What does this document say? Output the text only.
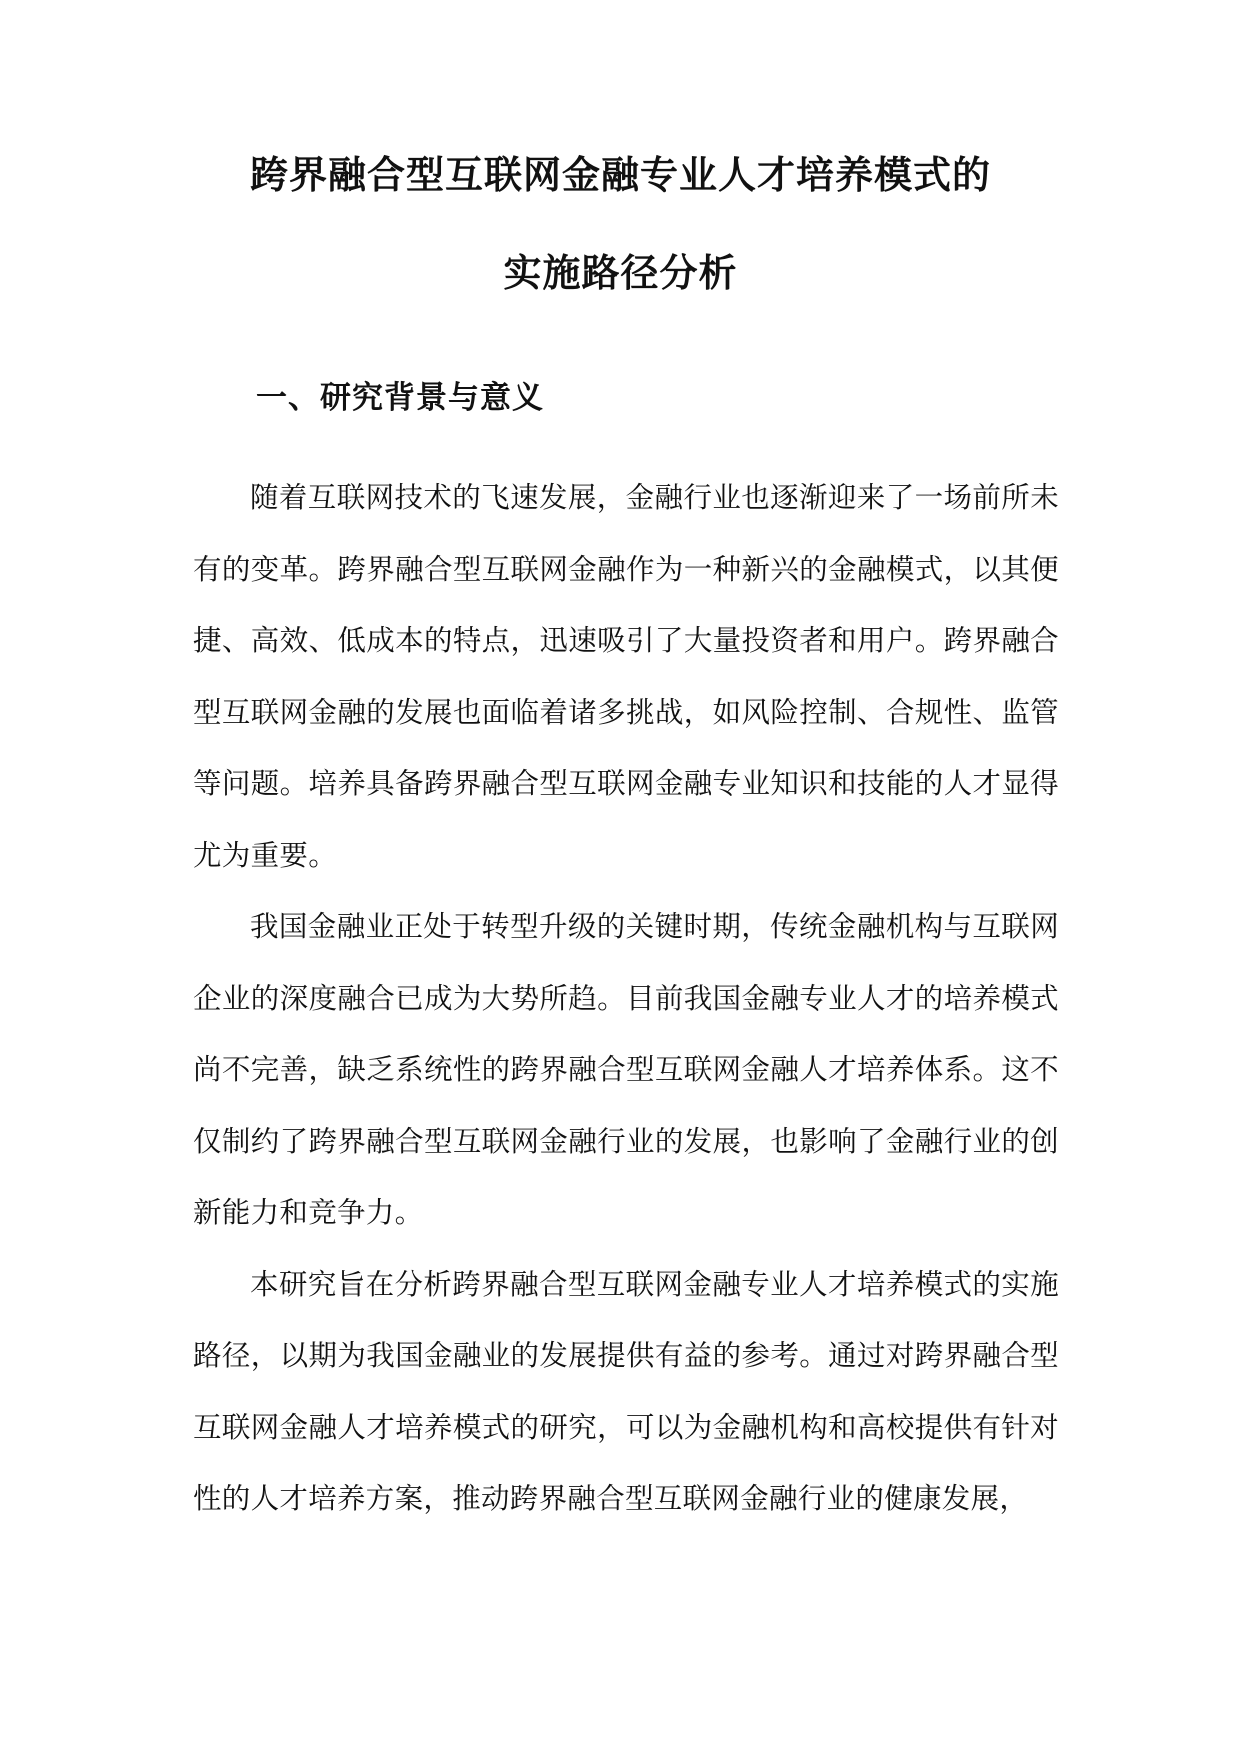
跨界融合型互联网金融专业人才培养模式的
实施路径分析
一、研究背景与意义

随着互联网技术的飞速发展，金融行业也逐渐迎来了一场前所未有的变革。跨界融合型互联网金融作为一种新兴的金融模式，以其便捷、高效、低成本的特点，迅速吸引了大量投资者和用户。跨界融合型互联网金融的发展也面临着诸多挑战，如风险控制、合规性、监管等问题。培养具备跨界融合型互联网金融专业知识和技能的人才显得尤为重要。

我国金融业正处于转型升级的关键时期，传统金融机构与互联网企业的深度融合已成为大势所趋。目前我国金融专业人才的培养模式尚不完善，缺乏系统性的跨界融合型互联网金融人才培养体系。这不仅制约了跨界融合型互联网金融行业的发展，也影响了金融行业的创新能力和竞争力。

本研究旨在分析跨界融合型互联网金融专业人才培养模式的实施路径，以期为我国金融业的发展提供有益的参考。通过对跨界融合型互联网金融人才培养模式的研究，可以为金融机构和高校提供有针对性的人才培养方案，推动跨界融合型互联网金融行业的健康发展，
